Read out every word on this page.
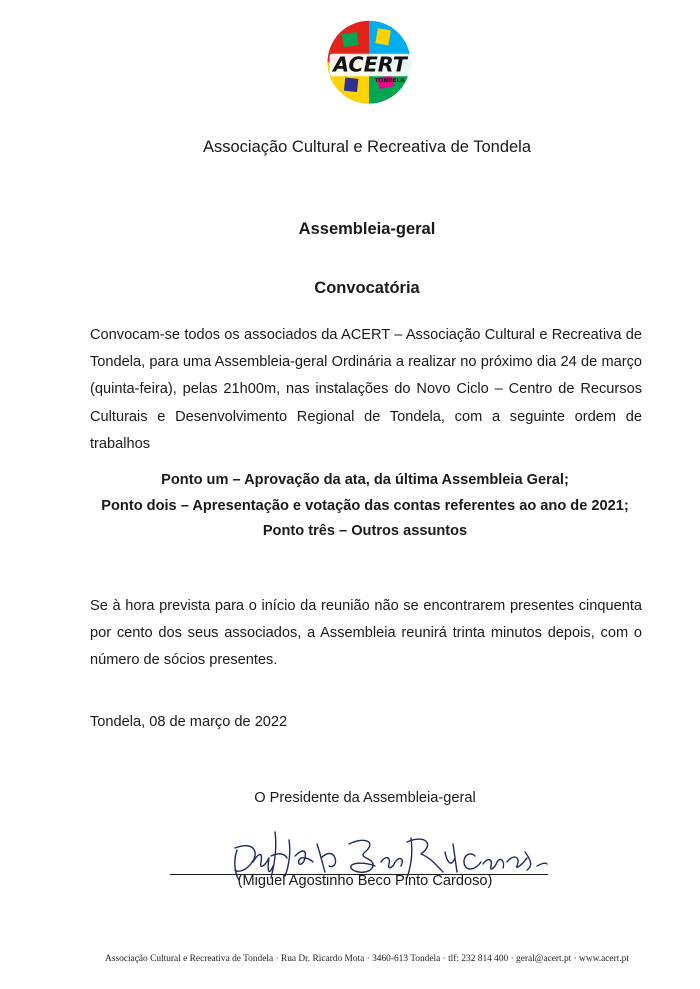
ACERT
TONDELA
Associação Cultural e Recreativa de Tondela
Assembleia-geral
Convocatória
Convocam-se todos os associados da ACERT – Associação Cultural e Recreativa de Tondela, para uma Assembleia-geral Ordinária a realizar no próximo dia 24 de março (quinta-feira), pelas 21h00m, nas instalações do Novo Ciclo – Centro de Recursos Culturais e Desenvolvimento Regional de Tondela, com a seguinte ordem de trabalhos
Ponto um – Aprovação da ata, da última Assembleia Geral;
Ponto dois – Apresentação e votação das contas referentes ao ano de 2021;
Ponto três – Outros assuntos
Se à hora prevista para o início da reunião não se encontrarem presentes cinquenta por cento dos seus associados, a Assembleia reunirá trinta minutos depois, com o número de sócios presentes.
Tondela, 08 de março de 2022
O Presidente da Assembleia-geral
(Miguel Agostinho Beco Pinto Cardoso)
Associação Cultural e Recreativa de Tondela · Rua Dr. Ricardo Mota · 3460-613 Tondela · tlf: 232 814 400 · geral@acert.pt · www.acert.pt
